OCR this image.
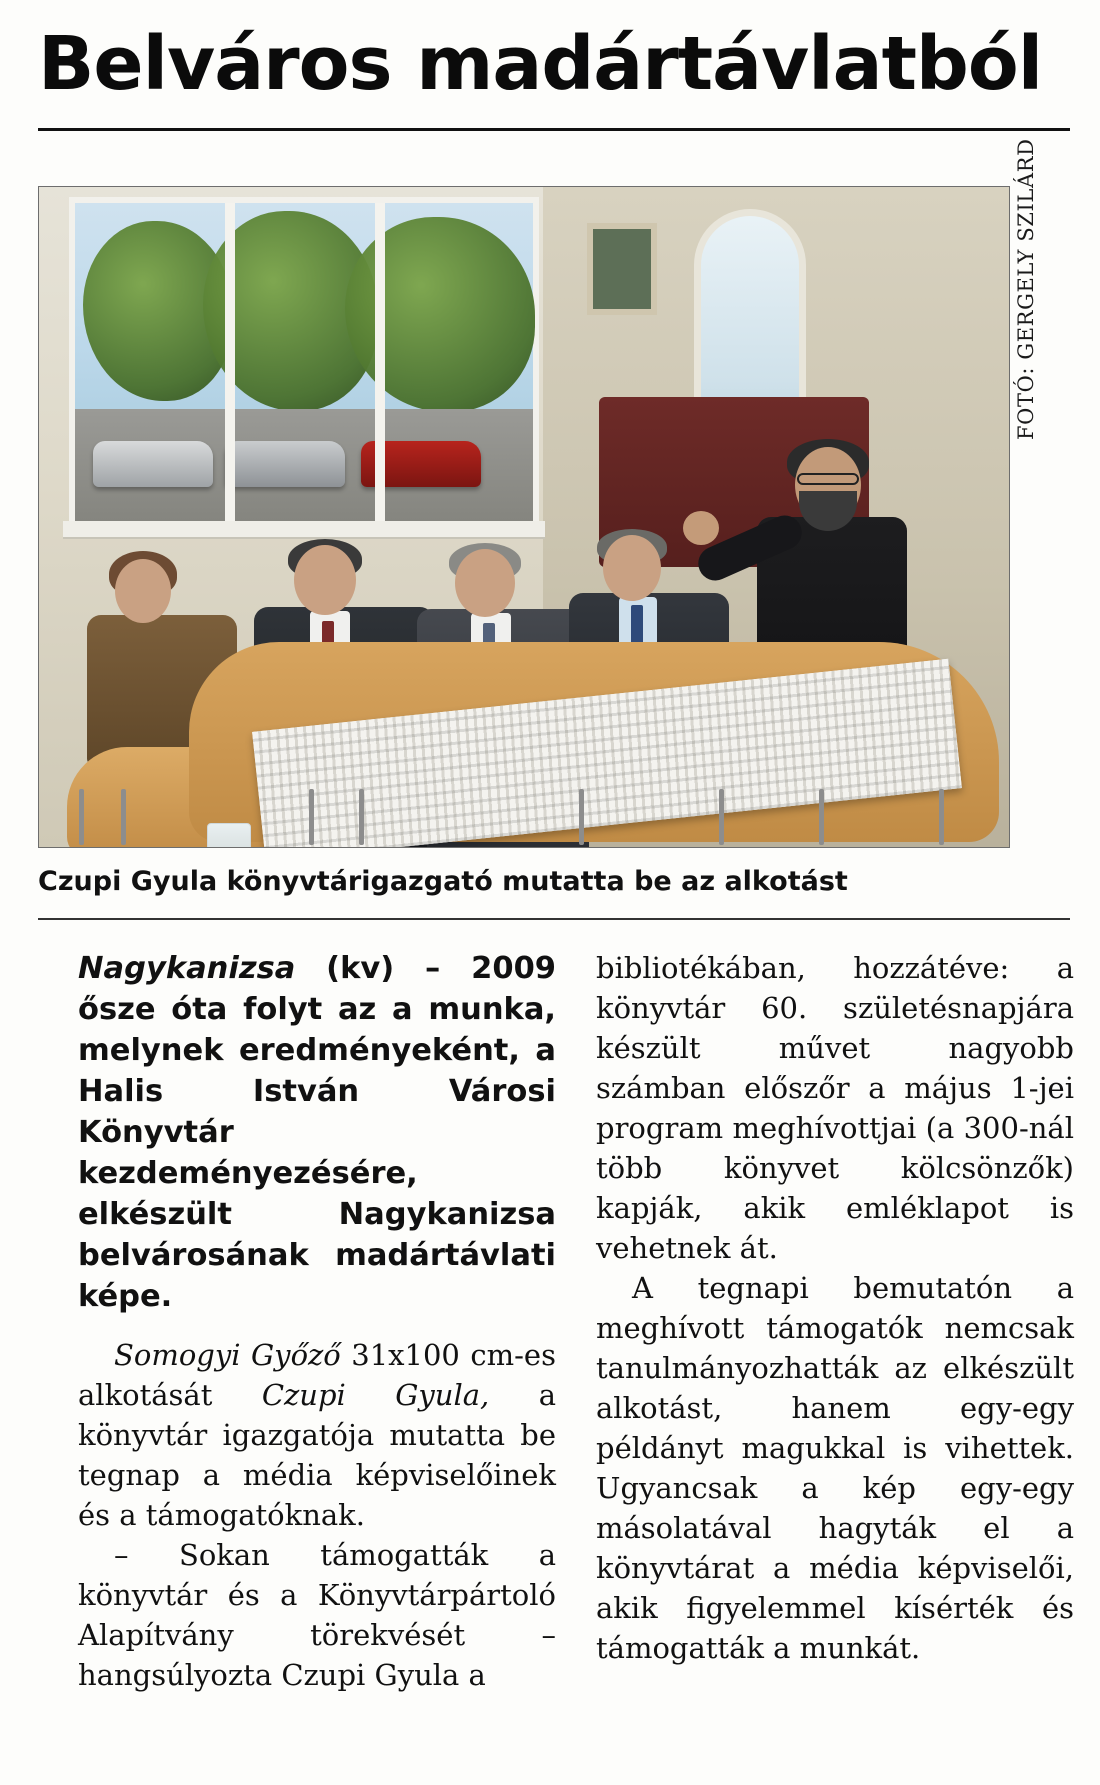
Belváros madártávlatból
FOTÓ: GERGELY SZILÁRD
Czupi Gyula könyvtárigazgató mutatta be az alkotást

Nagykanizsa (kv) – 2009 ősze óta folyt az a munka, melynek eredményeként, a Halis István Városi Könyvtár kezdeményezésére, elkészült Nagykanizsa belvárosának madártávlati képe.

Somogyi Győző 31x100 cm-es alkotását Czupi Gyula, a könyvtár igazgatója mutatta be tegnap a média képviselőinek és a támogatóknak.

– Sokan támogatták a könyvtár és a Könyvtárpártoló Alapítvány törekvését – hangsúlyozta Czupi Gyula a

bibliotékában, hozzátéve: a könyvtár 60. születésnapjára készült művet nagyobb számban előszőr a május 1-jei program meghívottjai (a 300-nál több könyvet kölcsönzők) kapják, akik emléklapot is vehetnek át.

A tegnapi bemutatón a meghívott támogatók nemcsak tanulmányozhatták az elkészült alkotást, hanem egy-egy példányt magukkal is vihettek. Ugyancsak a kép egy-egy másolatával hagyták el a könyvtárat a média képviselői, akik figyelemmel kísérték és támogatták a munkát.
